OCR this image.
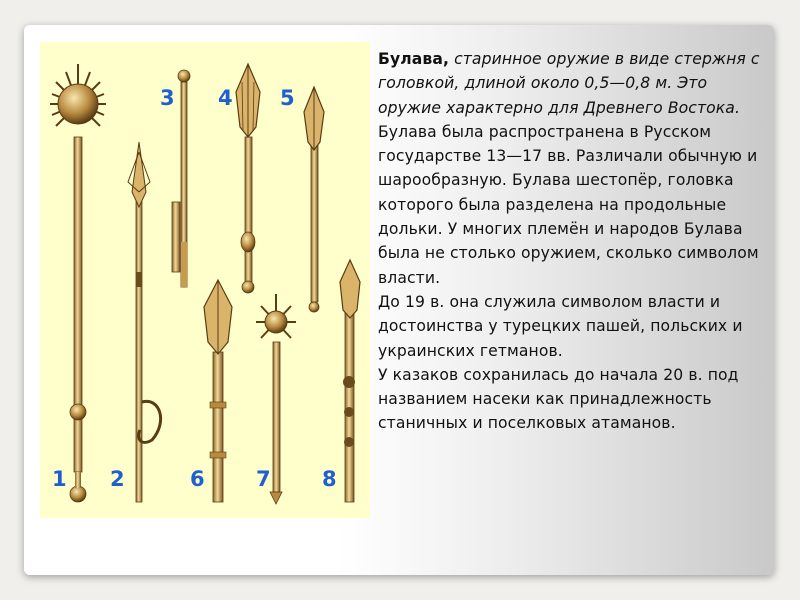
1 2
3 4 5
6 7 8

Булава, старинное оружие в виде стержня с головкой, длиной около 0,5—0,8 м. Это оружие характерно для Древнего Востока.

Булава была распространена в Русском государстве 13—17 вв. Различали обычную и шарообразную. Булава шестопёр, головка которого была разделена на продольные дольки. У многих племён и народов Булава была не столько оружием, сколько символом власти.

До 19 в. она служила символом власти и достоинства у турецких пашей, польских и украинских гетманов.

У казаков сохранилась до начала 20 в. под названием насеки как принадлежность станичных и поселковых атаманов.
